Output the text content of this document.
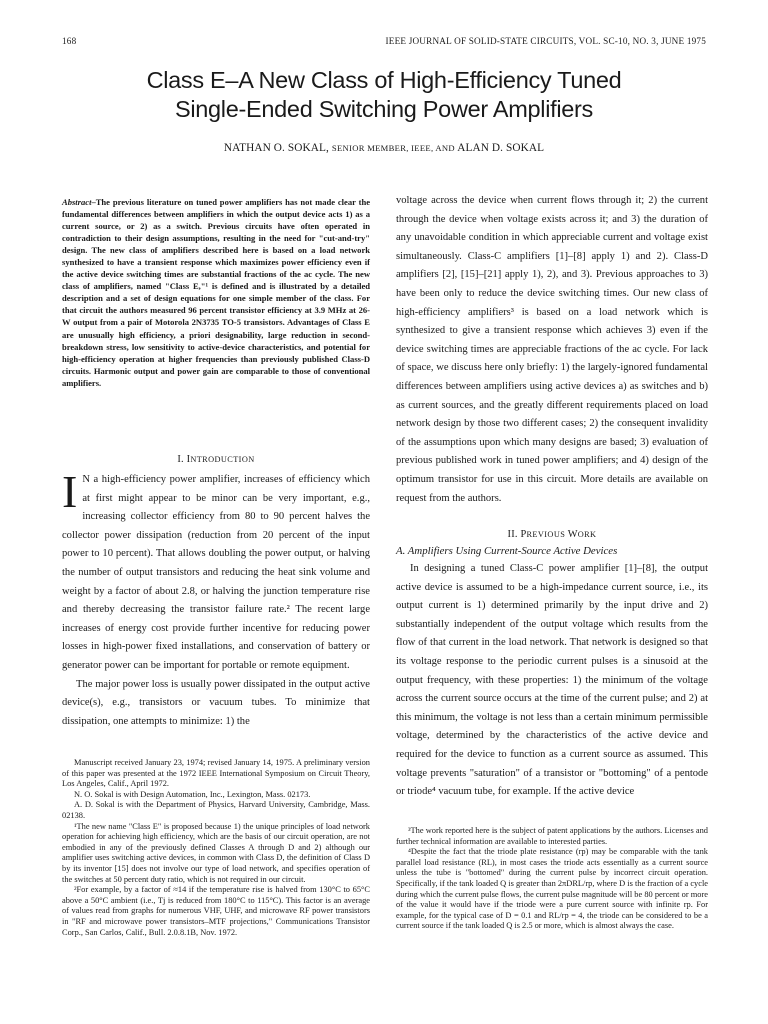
168	IEEE JOURNAL OF SOLID-STATE CIRCUITS, VOL. SC-10, NO. 3, JUNE 1975
Class E–A New Class of High-Efficiency Tuned
Single-Ended Switching Power Amplifiers
NATHAN O. SOKAL, SENIOR MEMBER, IEEE, AND ALAN D. SOKAL

Abstract–The previous literature on tuned power amplifiers has not made clear the fundamental differences between amplifiers in which the output device acts 1) as a current source, or 2) as a switch. Previous circuits have often operated in contradiction to their design assumptions, resulting in the need for "cut-and-try" design. The new class of amplifiers described here is based on a load network synthesized to have a transient response which maximizes power efficiency even if the active device switching times are substantial fractions of the ac cycle. The new class of amplifiers, named "Class E,"¹ is defined and is illustrated by a detailed description and a set of design equations for one simple member of the class. For that circuit the authors measured 96 percent transistor efficiency at 3.9 MHz at 26-W output from a pair of Motorola 2N3735 TO-5 transistors. Advantages of Class E are unusually high efficiency, a priori designability, large reduction in second-breakdown stress, low sensitivity to active-device characteristics, and potential for high-efficiency operation at higher frequencies than previously published Class-D circuits. Harmonic output and power gain are comparable to those of conventional amplifiers.

I. INTRODUCTION

I N a high-efficiency power amplifier, increases of efficiency which at first might appear to be minor can be very important, e.g., increasing collector efficiency from 80 to 90 percent halves the collector power dissipation (reduction from 20 percent of the input power to 10 percent). That allows doubling the power output, or halving the number of output transistors and reducing the heat sink volume and weight by a factor of about 2.8, or halving the junction temperature rise and thereby decreasing the transistor failure rate.² The recent large increases of energy cost provide further incentive for reducing power losses in high-power fixed installations, and conservation of battery or generator power can be important for portable or remote equipment.

The major power loss is usually power dissipated in the output active device(s), e.g., transistors or vacuum tubes. To minimize that dissipation, one attempts to minimize: 1) the

Manuscript received January 23, 1974; revised January 14, 1975. A preliminary version of this paper was presented at the 1972 IEEE International Symposium on Circuit Theory, Los Angeles, Calif., April 1972.

N. O. Sokal is with Design Automation, Inc., Lexington, Mass. 02173.

A. D. Sokal is with the Department of Physics, Harvard University, Cambridge, Mass. 02138.

¹The new name "Class E" is proposed because 1) the unique principles of load network operation for achieving high efficiency, which are the basis of our circuit operation, are not embodied in any of the previously defined Classes A through D and 2) although our amplifier uses switching active devices, in common with Class D, the definition of Class D by its inventor [15] does not involve our type of load network, and specifies operation of the switches at 50 percent duty ratio, which is not required in our circuit.

²For example, by a factor of ≈14 if the temperature rise is halved from 130°C to 65°C above a 50°C ambient (i.e., Tj is reduced from 180°C to 115°C). This factor is an average of values read from graphs for numerous VHF, UHF, and microwave RF power transistors in "RF and microwave power transistors–MTF projections," Communications Transistor Corp., San Carlos, Calif., Bull. 2.0.8.1B, Nov. 1972.

voltage across the device when current flows through it; 2) the current through the device when voltage exists across it; and 3) the duration of any unavoidable condition in which appreciable current and voltage exist simultaneously. Class-C amplifiers [1]–[8] apply 1) and 2). Class-D amplifiers [2], [15]–[21] apply 1), 2), and 3). Previous approaches to 3) have been only to reduce the device switching times. Our new class of high-efficiency amplifiers³ is based on a load network which is synthesized to give a transient response which achieves 3) even if the device switching times are appreciable fractions of the ac cycle. For lack of space, we discuss here only briefly: 1) the largely-ignored fundamental differences between amplifiers using active devices a) as switches and b) as current sources, and the greatly different requirements placed on load network design by those two different cases; 2) the consequent invalidity of the assumptions upon which many designs are based; 3) evaluation of previous published work in tuned power amplifiers; and 4) design of the optimum transistor for use in this circuit. More details are available on request from the authors.

II. PREVIOUS WORK

A. Amplifiers Using Current-Source Active Devices

In designing a tuned Class-C power amplifier [1]–[8], the output active device is assumed to be a high-impedance current source, i.e., its output current is 1) determined primarily by the input drive and 2) substantially independent of the output voltage which results from the flow of that current in the load network. That network is designed so that its voltage response to the periodic current pulses is a sinusoid at the output frequency, with these properties: 1) the minimum of the voltage across the current source occurs at the time of the current pulse; and 2) at this minimum, the voltage is not less than a certain minimum permissible voltage, determined by the characteristics of the active device and required for the device to function as a current source as assumed. This voltage prevents "saturation" of a transistor or "bottoming" of a pentode or triode⁴ vacuum tube, for example. If the active device

³The work reported here is the subject of patent applications by the authors. Licenses and further technical information are available to interested parties.

⁴Despite the fact that the triode plate resistance (rp) may be comparable with the tank parallel load resistance (RL), in most cases the triode acts essentially as a current source unless the tube is "bottomed" during the current pulse by incorrect circuit operation. Specifically, if the tank loaded Q is greater than 2πDRL/rp, where D is the fraction of a cycle during which the current pulse flows, the current pulse magnitude will be 80 percent or more of the value it would have if the triode were a pure current source with infinite rp. For example, for the typical case of D = 0.1 and RL/rp = 4, the triode can be considered to be a current source if the tank loaded Q is 2.5 or more, which is almost always the case.
